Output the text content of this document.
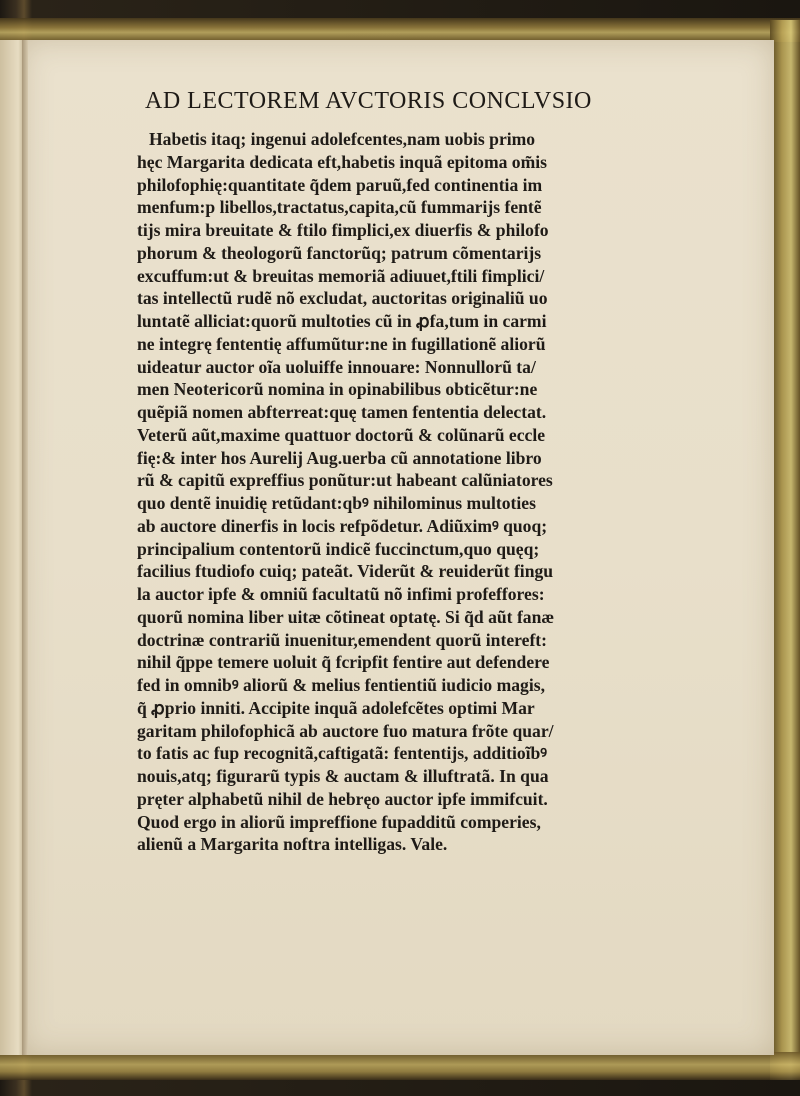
AD LECTOREM AVCTORIS CONCLVSIO
Habetis itaq; ingenui adolefcentes,nam uobis primo
hęc Margarita dedicata eft,habetis inquã epitoma om̃is
philofophię:quantitate q̃dem paruũ,fed continentia im
menfum:p libellos,tractatus,capita,cũ fummarijs fentẽ
tijs mira breuitate & ftilo fimplici,ex diuerfis & philofo
phorum & theologorũ fanctorũq; patrum cõmentarijs
excuffum:ut & breuitas memoriã adiuuet,ftili fimplici/
tas intellectũ rudẽ nõ excludat, auctoritas originaliũ uo
luntatẽ alliciat:quorũ multoties cũ in ꝓfa,tum in carmi
ne integrę fententię affumũtur:ne in fugillationẽ aliorũ
uideatur auctor oĩa uoluiffe innouare: Nonnullorũ ta/
men Neotericorũ nomina in opinabilibus obticẽtur:ne
quẽpiã nomen abfterreat:quę tamen fententia delectat.
Veterũ aũt,maxime quattuor doctorũ & colũnarũ eccle
fię:& inter hos Aurelij Aug.uerba cũ annotatione libro
rũ & capitũ expreffius ponũtur:ut habeant calũniatores
quo dentẽ inuidię retũdant:qbꝰ nihilominus multoties
ab auctore dinerfis in locis refpõdetur. Adiũximꝰ quoq;
principalium contentorũ indicẽ fuccinctum,quo quęq;
facilius ftudiofo cuiq; pateãt. Viderũt & reuiderũt fingu
la auctor ipfe & omniũ facultatũ nõ infimi profeffores:
quorũ nomina liber uitæ cõtineat optatę. Si q̃d aũt fanæ
doctrinæ contrariũ inuenitur,emendent quorũ intereft:
nihil q̃ppe temere uoluit q̃ fcripfit fentire aut defendere
fed in omnibꝰ aliorũ & melius fentientiũ iudicio magis,
q̃ ꝓprio inniti. Accipite inquã adolefcẽtes optimi Mar
garitam philofophicã ab auctore fuo matura frõte quar/
to fatis ac fup recognitã,caftigatã: fententijs, additioĩbꝰ
nouis,atq; figurarũ typis & auctam & illuftratã. In qua
pręter alphabetũ nihil de hebręo auctor ipfe immifcuit.
Quod ergo in aliorũ impreffione fupadditũ comperies,
alienũ a Margarita noftra intelligas. Vale.
